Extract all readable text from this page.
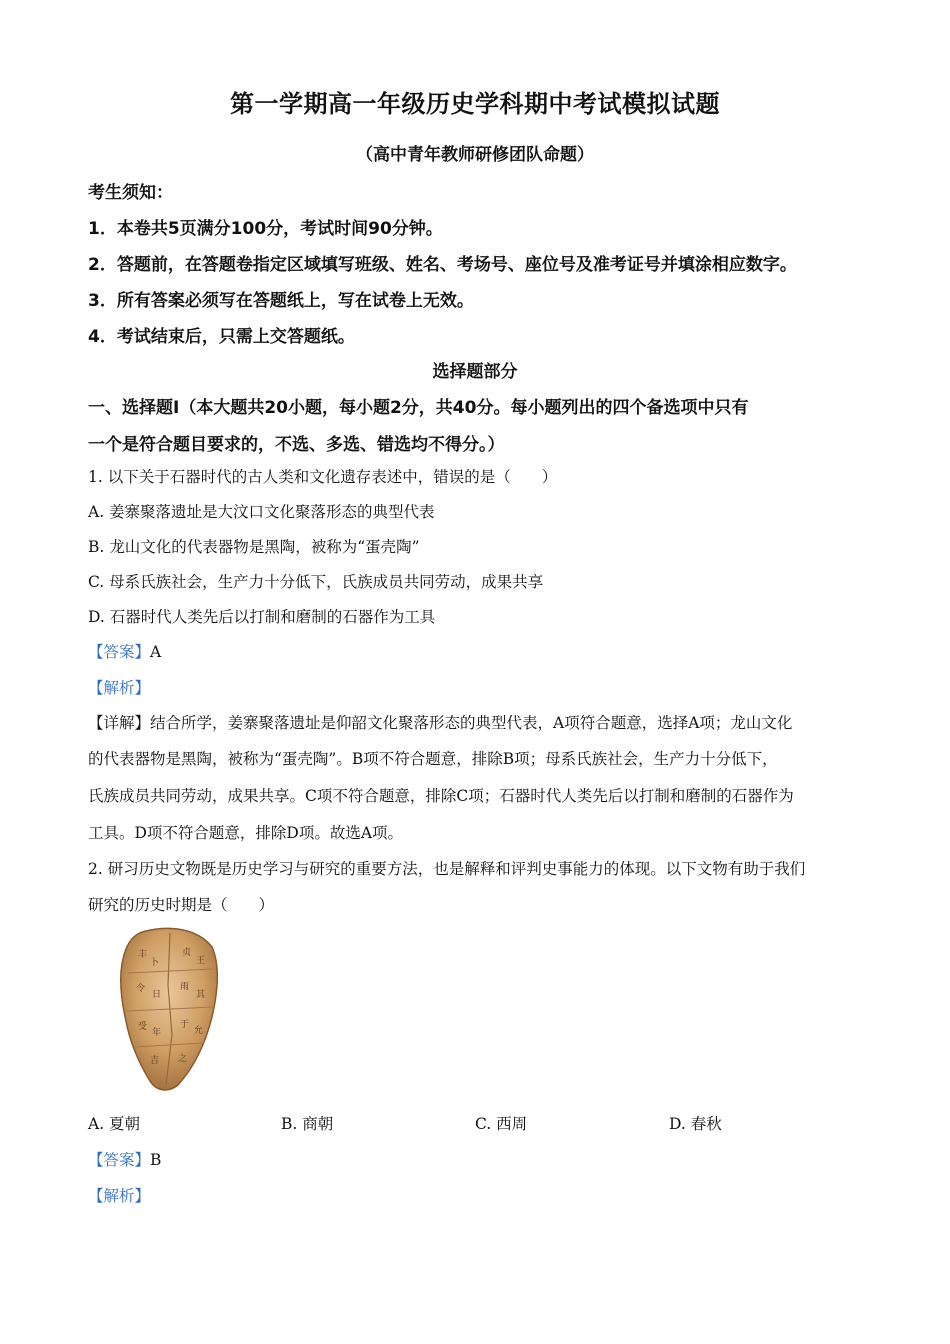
第一学期高一年级历史学科期中考试模拟试题
（高中青年教师研修团队命题）
考生须知：
1．本卷共5页满分100分，考试时间90分钟。
2．答题前，在答题卷指定区域填写班级、姓名、考场号、座位号及准考证号并填涂相应数字。
3．所有答案必须写在答题纸上，写在试卷上无效。
4．考试结束后，只需上交答题纸。
选择题部分
一、选择题Ⅰ（本大题共20小题，每小题2分，共40分。每小题列出的四个备选项中只有
一个是符合题目要求的，不选、多选、错选均不得分。）
1. 以下关于石器时代的古人类和文化遗存表述中，错误的是（　　）
A. 姜寨聚落遗址是大汶口文化聚落形态的典型代表
B. 龙山文化的代表器物是黑陶，被称为“蛋壳陶”
C. 母系氏族社会，生产力十分低下，氏族成员共同劳动，成果共享
D. 石器时代人类先后以打制和磨制的石器作为工具
【答案】A
【解析】
【详解】结合所学，姜寨聚落遗址是仰韶文化聚落形态的典型代表，A项符合题意，选择A项；龙山文化
的代表器物是黑陶，被称为“蛋壳陶”。B项不符合题意，排除B项；母系氏族社会，生产力十分低下，
氏族成员共同劳动，成果共享。C项不符合题意，排除C项；石器时代人类先后以打制和磨制的石器作为
工具。D项不符合题意，排除D项。故选A项。
2. 研习历史文物既是历史学习与研究的重要方法，也是解释和评判史事能力的体现。以下文物有助于我们
研究的历史时期是（　　）
丰
卜
贞
王
令
日
雨
其
受
年
于
允
吉 之
A. 夏朝	B. 商朝	C. 西周	D. 春秋
【答案】B
【解析】
